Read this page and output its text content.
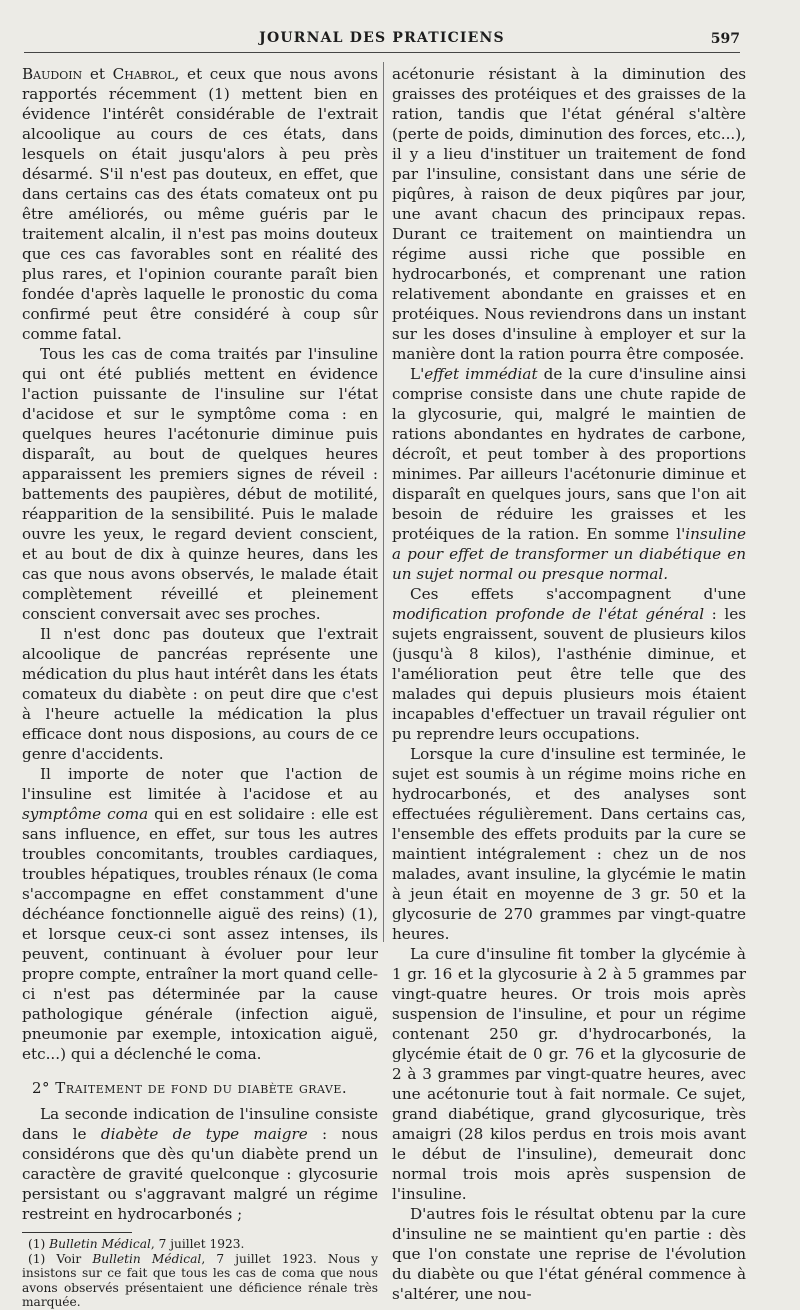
JOURNAL DES PRATICIENS	597

Baudoin et Chabrol, et ceux que nous avons rapportés récemment (1) mettent bien en évidence l'intérêt considérable de l'extrait alcoolique au cours de ces états, dans lesquels on était jusqu'alors à peu près désarmé. S'il n'est pas douteux, en effet, que dans certains cas des états comateux ont pu être améliorés, ou même guéris par le traitement alcalin, il n'est pas moins douteux que ces cas favorables sont en réalité des plus rares, et l'opinion courante paraît bien fondée d'après laquelle le pronostic du coma confirmé peut être considéré à coup sûr comme fatal.

Tous les cas de coma traités par l'insuline qui ont été publiés mettent en évidence l'action puissante de l'insuline sur l'état d'acidose et sur le symptôme coma : en quelques heures l'acétonurie diminue puis disparaît, au bout de quelques heures apparaissent les premiers signes de réveil : battements des paupières, début de motilité, réapparition de la sensibilité. Puis le malade ouvre les yeux, le regard devient conscient, et au bout de dix à quinze heures, dans les cas que nous avons observés, le malade était complètement réveillé et pleinement conscient conversait avec ses proches.

Il n'est donc pas douteux que l'extrait alcoolique de pancréas représente une médication du plus haut intérêt dans les états comateux du diabète : on peut dire que c'est à l'heure actuelle la médication la plus efficace dont nous disposions, au cours de ce genre d'accidents.

Il importe de noter que l'action de l'insuline est limitée à l'acidose et au symptôme coma qui en est solidaire : elle est sans influence, en effet, sur tous les autres troubles concomitants, troubles cardiaques, troubles hépatiques, troubles rénaux (le coma s'accompagne en effet constamment d'une déchéance fonctionnelle aiguë des reins) (1), et lorsque ceux-ci sont assez intenses, ils peuvent, continuant à évoluer pour leur propre compte, entraîner la mort quand celle-ci n'est pas déterminée par la cause pathologique générale (infection aiguë, pneumonie par exemple, intoxication aiguë, etc...) qui a déclenché le coma.

2° Traitement de fond du diabète grave.

La seconde indication de l'insuline consiste dans le diabète de type maigre : nous considérons que dès qu'un diabète prend un caractère de gravité quelconque : glycosurie persistant ou s'aggravant malgré un régime restreint en hydrocarbonés ;

(1) Bulletin Médical, 7 juillet 1923.
(1) Voir Bulletin Médical, 7 juillet 1923. Nous y insistons sur ce fait que tous les cas de coma que nous avons observés présentaient une déficience rénale très marquée.

acétonurie résistant à la diminution des graisses des protéiques et des graisses de la ration, tandis que l'état général s'altère (perte de poids, diminution des forces, etc...), il y a lieu d'instituer un traitement de fond par l'insuline, consistant dans une série de piqûres, à raison de deux piqûres par jour, une avant chacun des principaux repas. Durant ce traitement on maintiendra un régime aussi riche que possible en hydrocarbonés, et comprenant une ration relativement abondante en graisses et en protéiques. Nous reviendrons dans un instant sur les doses d'insuline à employer et sur la manière dont la ration pourra être composée.

L'effet immédiat de la cure d'insuline ainsi comprise consiste dans une chute rapide de la glycosurie, qui, malgré le maintien de rations abondantes en hydrates de carbone, décroît, et peut tomber à des proportions minimes. Par ailleurs l'acétonurie diminue et disparaît en quelques jours, sans que l'on ait besoin de réduire les graisses et les protéiques de la ration. En somme l'insuline a pour effet de transformer un diabétique en un sujet normal ou presque normal.

Ces effets s'accompagnent d'une modification profonde de l'état général : les sujets engraissent, souvent de plusieurs kilos (jusqu'à 8 kilos), l'asthénie diminue, et l'amélioration peut être telle que des malades qui depuis plusieurs mois étaient incapables d'effectuer un travail régulier ont pu reprendre leurs occupations.

Lorsque la cure d'insuline est terminée, le sujet est soumis à un régime moins riche en hydrocarbonés, et des analyses sont effectuées régulièrement. Dans certains cas, l'ensemble des effets produits par la cure se maintient intégralement : chez un de nos malades, avant insuline, la glycémie le matin à jeun était en moyenne de 3 gr. 50 et la glycosurie de 270 grammes par vingt-quatre heures.

La cure d'insuline fit tomber la glycémie à 1 gr. 16 et la glycosurie à 2 à 5 grammes par vingt-quatre heures. Or trois mois après suspension de l'insuline, et pour un régime contenant 250 gr. d'hydrocarbonés, la glycémie était de 0 gr. 76 et la glycosurie de 2 à 3 grammes par vingt-quatre heures, avec une acétonurie tout à fait normale. Ce sujet, grand diabétique, grand glycosurique, très amaigri (28 kilos perdus en trois mois avant le début de l'insuline), demeurait donc normal trois mois après suspension de l'insuline.

D'autres fois le résultat obtenu par la cure d'insuline ne se maintient qu'en partie : dès que l'on constate une reprise de l'évolution du diabète ou que l'état général commence à s'altérer, une nou-
